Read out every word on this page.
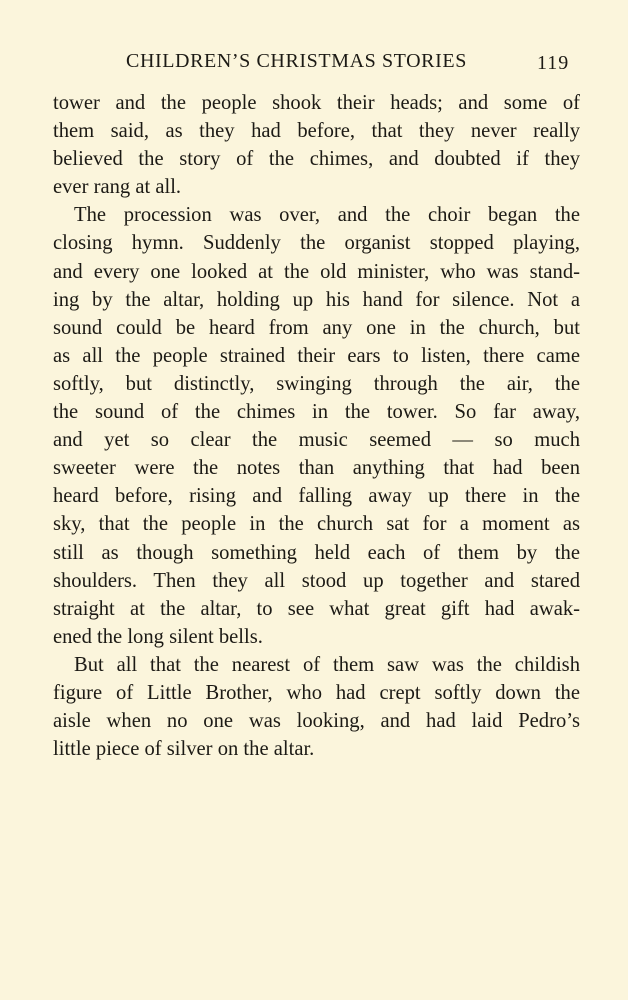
CHILDREN’S CHRISTMAS STORIES	119
tower and the people shook their heads; and some of
them said, as they had before, that they never really
believed the story of the chimes, and doubted if they
ever rang at all.
The procession was over, and the choir began the
closing hymn. Suddenly the organist stopped playing,
and every one looked at the old minister, who was stand-
ing by the altar, holding up his hand for silence. Not a
sound could be heard from any one in the church, but
as all the people strained their ears to listen, there came
softly, but distinctly, swinging through the air, the
the sound of the chimes in the tower. So far away,
and yet so clear the music seemed — so much
sweeter were the notes than anything that had been
heard before, rising and falling away up there in the
sky, that the people in the church sat for a moment as
still as though something held each of them by the
shoulders. Then they all stood up together and stared
straight at the altar, to see what great gift had awak-
ened the long silent bells.
But all that the nearest of them saw was the childish
figure of Little Brother, who had crept softly down the
aisle when no one was looking, and had laid Pedro’s
little piece of silver on the altar.
